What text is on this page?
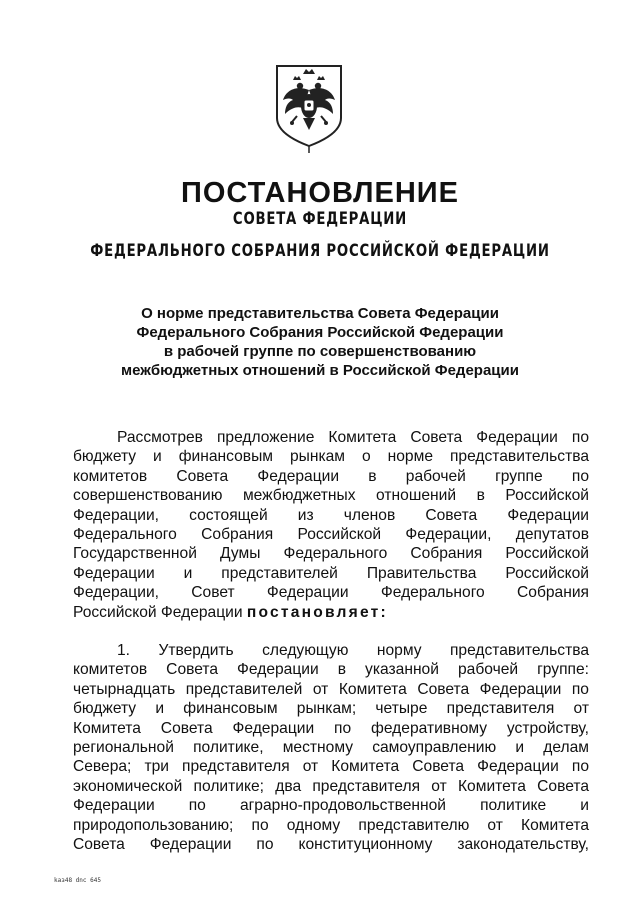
ПОСТАНОВЛЕНИЕ
СОВЕТА ФЕДЕРАЦИИ
ФЕДЕРАЛЬНОГО СОБРАНИЯ РОССИЙСКОЙ ФЕДЕРАЦИИ
О норме представительства Совета Федерации
Федерального Собрания Российской Федерации
в рабочей группе по совершенствованию
межбюджетных отношений в Российской Федерации
Рассмотрев предложение Комитета Совета Федерации по
бюджету и финансовым рынкам о норме представительства
комитетов Совета Федерации в рабочей группе по
совершенствованию межбюджетных отношений в Российской
Федерации, состоящей из членов Совета Федерации
Федерального Собрания Российской Федерации, депутатов
Государственной Думы Федерального Собрания Российской
Федерации и представителей Правительства Российской
Федерации, Совет Федерации Федерального Собрания
Российской Федерации постановляет:
1. Утвердить следующую норму представительства
комитетов Совета Федерации в указанной рабочей группе:
четырнадцать представителей от Комитета Совета Федерации по
бюджету и финансовым рынкам; четыре представителя от
Комитета Совета Федерации по федеративному устройству,
региональной политике, местному самоуправлению и делам
Севера; три представителя от Комитета Совета Федерации по
экономической политике; два представителя от Комитета Совета
Федерации по аграрно-продовольственной политике и
природопользованию; по одному представителю от Комитета
Совета Федерации по конституционному законодательству,
kaз48 dnc 645
